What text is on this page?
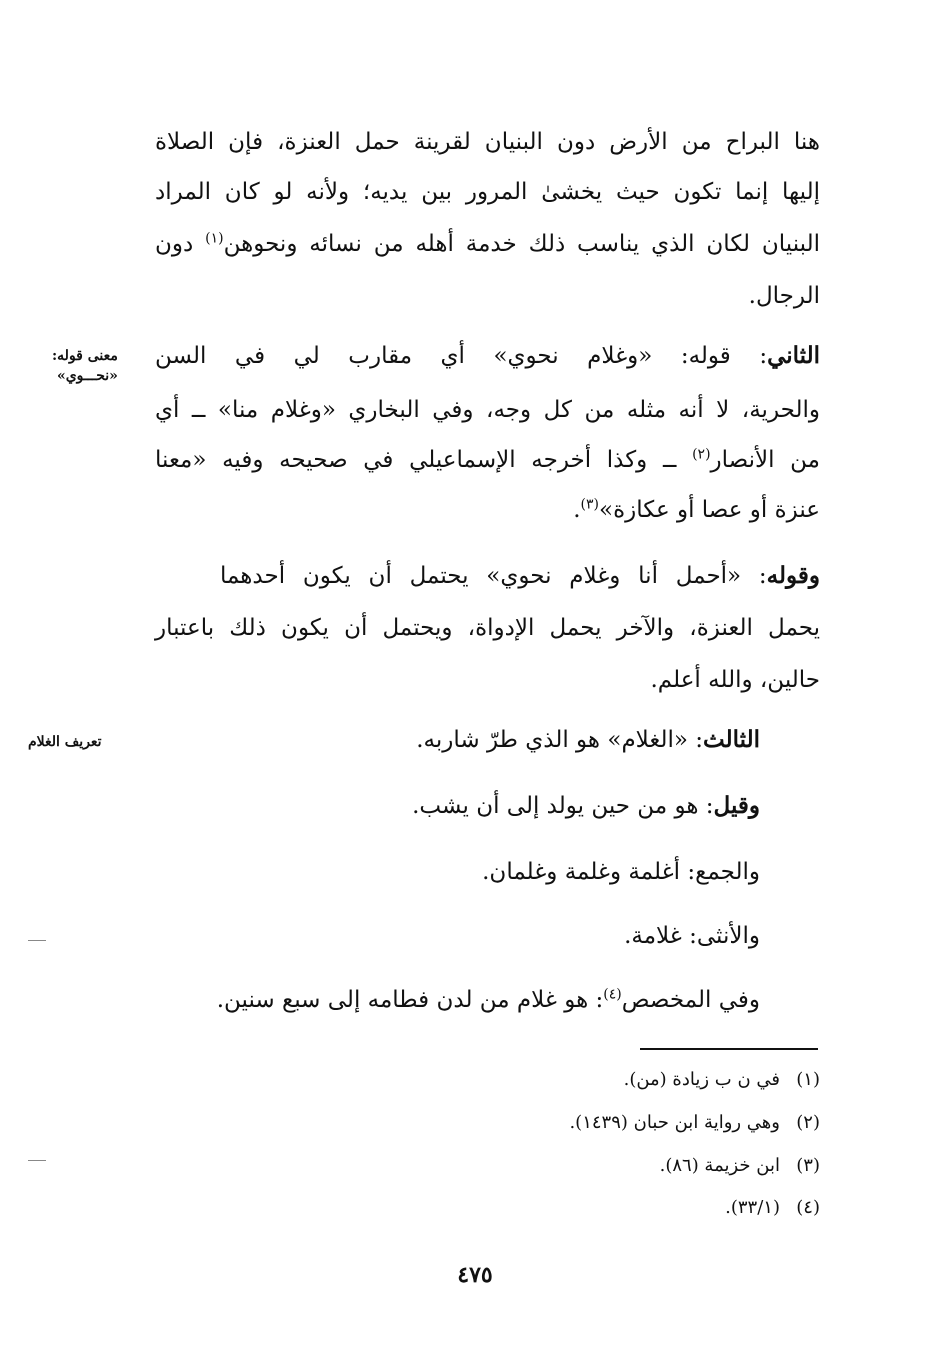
هنا البراح من الأرض دون البنيان لقرينة حمل العنزة، فإن الصلاة
إليها إنما تكون حيث يخشىٰ المرور بين يديه؛ ولأنه لو كان المراد
البنيان لكان الذي يناسب ذلك خدمة أهله من نسائه ونحوهن$^{(١)}$ دون
الرجال.
الثاني: قوله: «وغلام نحوي» أي مقارب لي في السن
والحرية، لا أنه مثله من كل وجه، وفي البخاري «وغلام منا» ــ أي
من الأنصار$^{(٢)}$ ــ وكذا أخرجه الإسماعيلي في صحيحه وفيه «معنا
عنزة أو عصا أو عكازة»$^{(٣)}$.
معنى قوله:
«نحـــوي»
وقوله: «أحمل أنا وغلام نحوي» يحتمل أن يكون أحدهما
يحمل العنزة، والآخر يحمل الإدواة، ويحتمل أن يكون ذلك باعتبار
حالين، والله أعلم.
الثالث: «الغلام» هو الذي طرّ شاربه.
تعريف الغلام
وقيل: هو من حين يولد إلى أن يشب.
والجمع: أغلمة وغلمة وغلمان.
والأنثى: غلامة.
وفي المخصص$^{(٤)}$: هو غلام من لدن فطامه إلى سبع سنين.
(١)في ن ب زيادة (من).
(٢)وهي رواية ابن حبان (١٤٣٩).
(٣)ابن خزيمة (٨٦).
(٤)(٣٣/١).
٤٧٥
